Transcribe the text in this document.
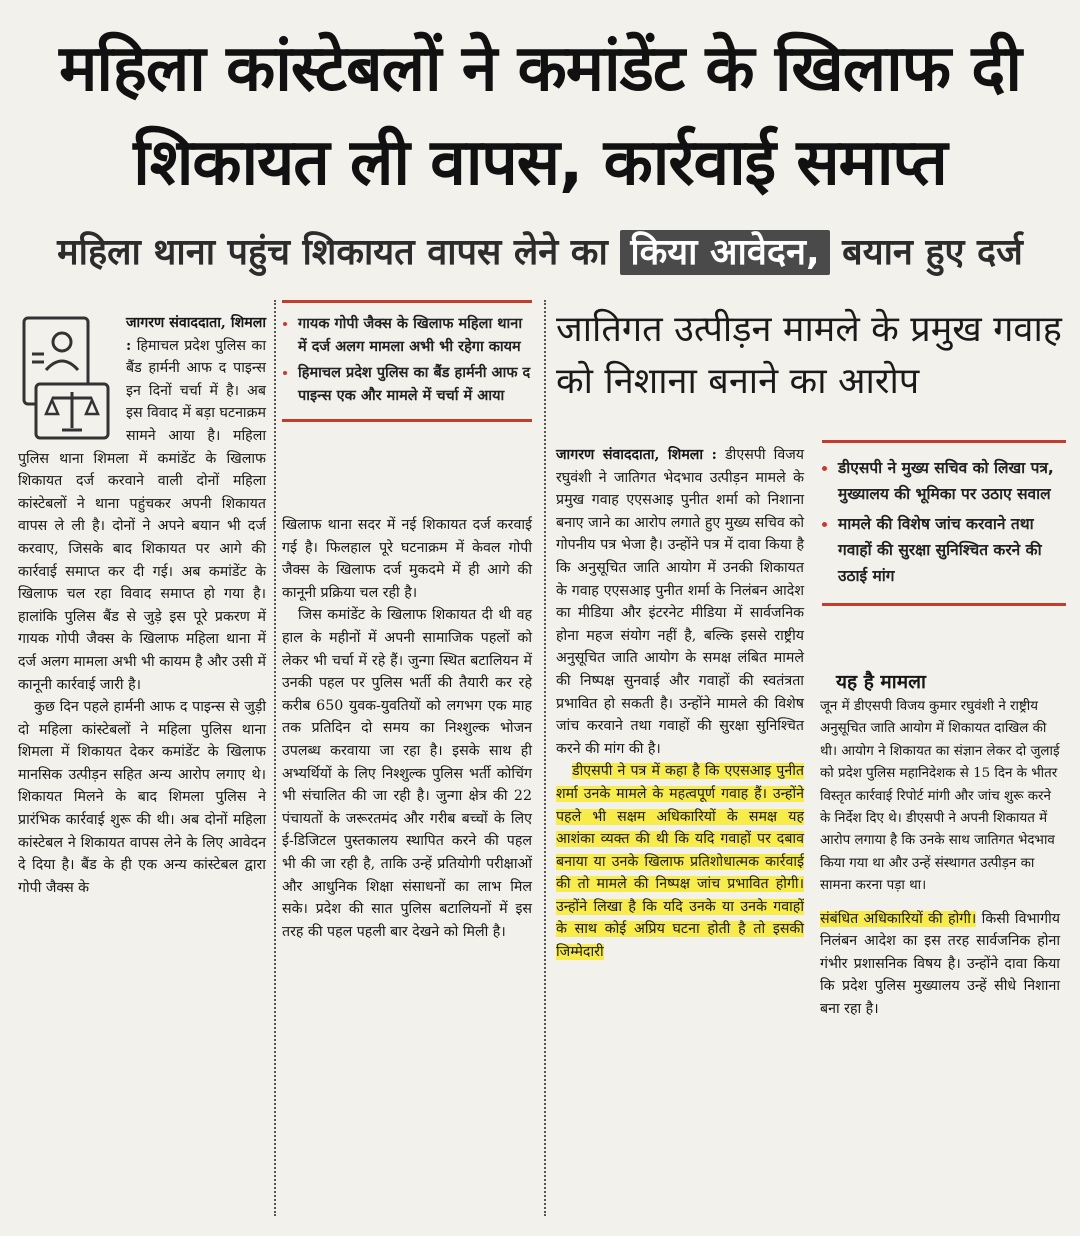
महिला कांस्टेबलों ने कमांडेंट के खिलाफ दी शिकायत ली वापस, कार्रवाई समाप्त
महिला थाना पहुंच शिकायत वापस लेने का किया आवेदन, बयान हुए दर्ज

जागरण संवाददाता, शिमला : हिमाचल प्रदेश पुलिस का बैंड हार्मनी आफ द पाइन्स इन दिनों चर्चा में है। अब इस विवाद में बड़ा घटनाक्रम सामने आया है। महिला पुलिस थाना शिमला में कमांडेंट के खिलाफ शिकायत दर्ज करवाने वाली दोनों महिला कांस्टेबलों ने थाना पहुंचकर अपनी शिकायत वापस ले ली है। दोनों ने अपने बयान भी दर्ज करवाए, जिसके बाद शिकायत पर आगे की कार्रवाई समाप्त कर दी गई। अब कमांडेंट के खिलाफ चल रहा विवाद समाप्त हो गया है। हालांकि पुलिस बैंड से जुड़े इस पूरे प्रकरण में गायक गोपी जैक्स के खिलाफ महिला थाना में दर्ज अलग मामला अभी भी कायम है और उसी में कानूनी कार्रवाई जारी है।

कुछ दिन पहले हार्मनी आफ द पाइन्स से जुड़ी दो महिला कांस्टेबलों ने महिला पुलिस थाना शिमला में शिकायत देकर कमांडेंट के खिलाफ मानसिक उत्पीड़न सहित अन्य आरोप लगाए थे। शिकायत मिलने के बाद शिमला पुलिस ने प्रारंभिक कार्रवाई शुरू की थी। अब दोनों महिला कांस्टेबल ने शिकायत वापस लेने के लिए आवेदन दे दिया है। बैंड के ही एक अन्य कांस्टेबल द्वारा गोपी जैक्स के

• गायक गोपी जैक्स के खिलाफ महिला थाना में दर्ज अलग मामला अभी भी रहेगा कायम
• हिमाचल प्रदेश पुलिस का बैंड हार्मनी आफ द पाइन्स एक और मामले में चर्चा में आया

खिलाफ थाना सदर में नई शिकायत दर्ज करवाई गई है। फिलहाल पूरे घटनाक्रम में केवल गोपी जैक्स के खिलाफ दर्ज मुकदमे में ही आगे की कानूनी प्रक्रिया चल रही है।

जिस कमांडेंट के खिलाफ शिकायत दी थी वह हाल के महीनों में अपनी सामाजिक पहलों को लेकर भी चर्चा में रहे हैं। जुन्गा स्थित बटालियन में उनकी पहल पर पुलिस भर्ती की तैयारी कर रहे करीब 650 युवक-युवतियों को लगभग एक माह तक प्रतिदिन दो समय का निश्शुल्क भोजन उपलब्ध करवाया जा रहा है। इसके साथ ही अभ्यर्थियों के लिए निश्शुल्क पुलिस भर्ती कोचिंग भी संचालित की जा रही है। जुन्गा क्षेत्र की 22 पंचायतों के जरूरतमंद और गरीब बच्चों के लिए ई-डिजिटल पुस्तकालय स्थापित करने की पहल भी की जा रही है, ताकि उन्हें प्रतियोगी परीक्षाओं और आधुनिक शिक्षा संसाधनों का लाभ मिल सके। प्रदेश की सात पुलिस बटालियनों में इस तरह की पहल पहली बार देखने को मिली है।

जातिगत उत्पीड़न मामले के प्रमुख गवाह को निशाना बनाने का आरोप

जागरण संवाददाता, शिमला : डीएसपी विजय रघुवंशी ने जातिगत भेदभाव उत्पीड़न मामले के प्रमुख गवाह एएसआइ पुनीत शर्मा को निशाना बनाए जाने का आरोप लगाते हुए मुख्य सचिव को गोपनीय पत्र भेजा है। उन्होंने पत्र में दावा किया है कि अनुसूचित जाति आयोग में उनकी शिकायत के गवाह एएसआइ पुनीत शर्मा के निलंबन आदेश का मीडिया और इंटरनेट मीडिया में सार्वजनिक होना महज संयोग नहीं है, बल्कि इससे राष्ट्रीय अनुसूचित जाति आयोग के समक्ष लंबित मामले की निष्पक्ष सुनवाई और गवाहों की स्वतंत्रता प्रभावित हो सकती है। उन्होंने मामले की विशेष जांच करवाने तथा गवाहों की सुरक्षा सुनिश्चित करने की मांग की है।

डीएसपी ने पत्र में कहा है कि एएसआइ पुनीत शर्मा उनके मामले के महत्वपूर्ण गवाह हैं। उन्होंने पहले भी सक्षम अधिकारियों के समक्ष यह आशंका व्यक्त की थी कि यदि गवाहों पर दबाव बनाया या उनके खिलाफ प्रतिशोधात्मक कार्रवाई की तो मामले की निष्पक्ष जांच प्रभावित होगी। उन्होंने लिखा है कि यदि उनके या उनके गवाहों के साथ कोई अप्रिय घटना होती है तो इसकी जिम्मेदारी

• डीएसपी ने मुख्य सचिव को लिखा पत्र, मुख्यालय की भूमिका पर उठाए सवाल
• मामले की विशेष जांच करवाने तथा गवाहों की सुरक्षा सुनिश्चित करने की उठाई मांग
यह है मामला

जून में डीएसपी विजय कुमार रघुवंशी ने राष्ट्रीय अनुसूचित जाति आयोग में शिकायत दाखिल की थी। आयोग ने शिकायत का संज्ञान लेकर दो जुलाई को प्रदेश पुलिस महानिदेशक से 15 दिन के भीतर विस्तृत कार्रवाई रिपोर्ट मांगी और जांच शुरू करने के निर्देश दिए थे। डीएसपी ने अपनी शिकायत में आरोप लगाया है कि उनके साथ जातिगत भेदभाव किया गया था और उन्हें संस्थागत उत्पीड़न का सामना करना पड़ा था।

संबंधित अधिकारियों की होगी। किसी विभागीय निलंबन आदेश का इस तरह सार्वजनिक होना गंभीर प्रशासनिक विषय है। उन्होंने दावा किया कि प्रदेश पुलिस मुख्यालय उन्हें सीधे निशाना बना रहा है।
